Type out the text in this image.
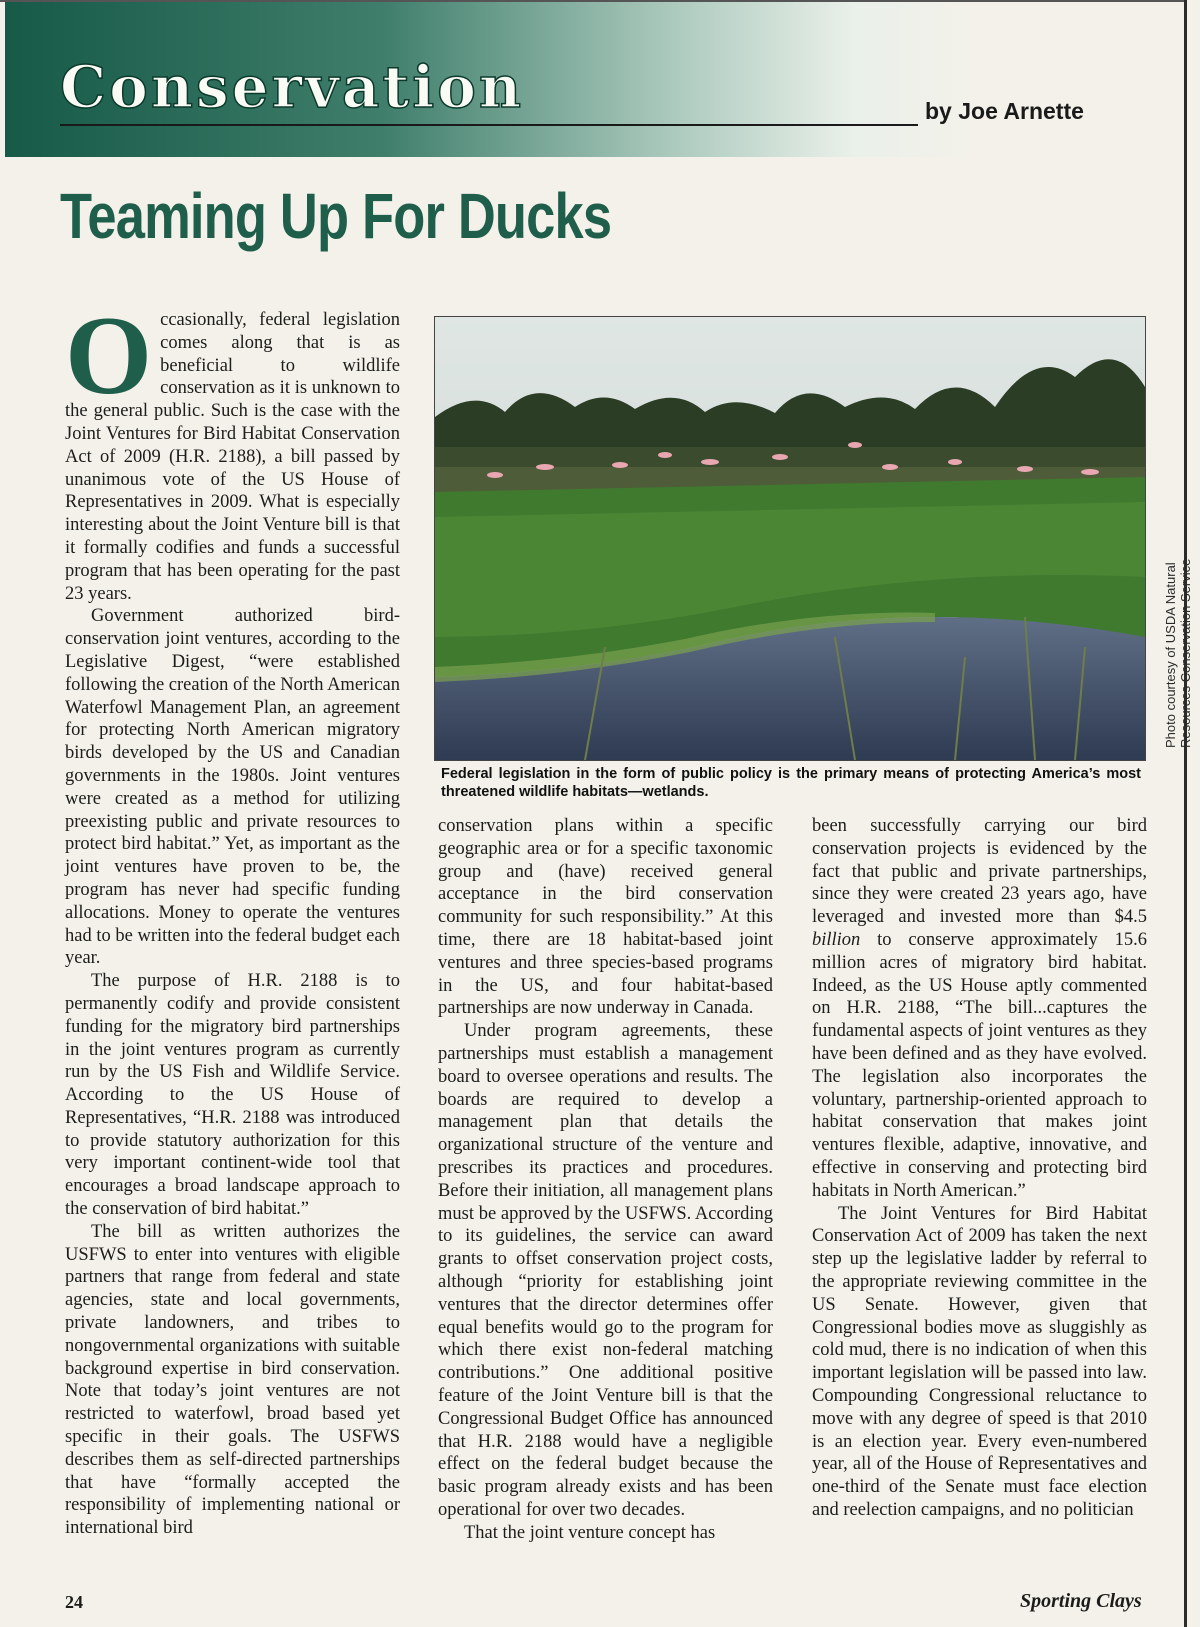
Conservation	by Joe Arnette
Teaming Up For Ducks

Occasionally, federal legislation comes along that is as beneficial to wildlife conservation as it is unknown to the general public. Such is the case with the Joint Ventures for Bird Habitat Conservation Act of 2009 (H.R. 2188), a bill passed by unanimous vote of the US House of Representatives in 2009. What is especially interesting about the Joint Venture bill is that it formally codifies and funds a successful program that has been operating for the past 23 years.

Government authorized bird-conservation joint ventures, according to the Legislative Digest, “were established following the creation of the North American Waterfowl Management Plan, an agreement for protecting North American migratory birds developed by the US and Canadian governments in the 1980s. Joint ventures were created as a method for utilizing preexisting public and private resources to protect bird habitat.” Yet, as important as the joint ventures have proven to be, the program has never had specific funding allocations. Money to operate the ventures had to be written into the federal budget each year.

The purpose of H.R. 2188 is to permanently codify and provide consistent funding for the migratory bird partnerships in the joint ventures program as currently run by the US Fish and Wildlife Service. According to the US House of Representatives, “H.R. 2188 was introduced to provide statutory authorization for this very important continent-wide tool that encourages a broad landscape approach to the conservation of bird habitat.”

The bill as written authorizes the USFWS to enter into ventures with eligible partners that range from federal and state agencies, state and local governments, private landowners, and tribes to nongovernmental organizations with suitable background expertise in bird conservation. Note that today’s joint ventures are not restricted to waterfowl, broad based yet specific in their goals. The USFWS describes them as self-directed partnerships that have “formally accepted the responsibility of implementing national or international bird

Photo courtesy of USDA Natural Resources Conservation Service
Federal legislation in the form of public policy is the primary means of protecting America’s most threatened wildlife habitats—wetlands.

conservation plans within a specific geographic area or for a specific taxonomic group and (have) received general acceptance in the bird conservation community for such responsibility.” At this time, there are 18 habitat-based joint ventures and three species-based programs in the US, and four habitat-based partnerships are now underway in Canada.

Under program agreements, these partnerships must establish a management board to oversee operations and results. The boards are required to develop a management plan that details the organizational structure of the venture and prescribes its practices and procedures. Before their initiation, all management plans must be approved by the USFWS. According to its guidelines, the service can award grants to offset conservation project costs, although “priority for establishing joint ventures that the director determines offer equal benefits would go to the program for which there exist non-federal matching contributions.” One additional positive feature of the Joint Venture bill is that the Congressional Budget Office has announced that H.R. 2188 would have a negligible effect on the federal budget because the basic program already exists and has been operational for over two decades.

That the joint venture concept has

been successfully carrying our bird conservation projects is evidenced by the fact that public and private partnerships, since they were created 23 years ago, have leveraged and invested more than $4.5 billion to conserve approximately 15.6 million acres of migratory bird habitat. Indeed, as the US House aptly commented on H.R. 2188, “The bill...captures the fundamental aspects of joint ventures as they have been defined and as they have evolved. The legislation also incorporates the voluntary, partnership-oriented approach to habitat conservation that makes joint ventures flexible, adaptive, innovative, and effective in conserving and protecting bird habitats in North American.”

The Joint Ventures for Bird Habitat Conservation Act of 2009 has taken the next step up the legislative ladder by referral to the appropriate reviewing committee in the US Senate. However, given that Congressional bodies move as sluggishly as cold mud, there is no indication of when this important legislation will be passed into law. Compounding Congressional reluctance to move with any degree of speed is that 2010 is an election year. Every even-numbered year, all of the House of Representatives and one-third of the Senate must face election and reelection campaigns, and no politician

24	Sporting Clays
